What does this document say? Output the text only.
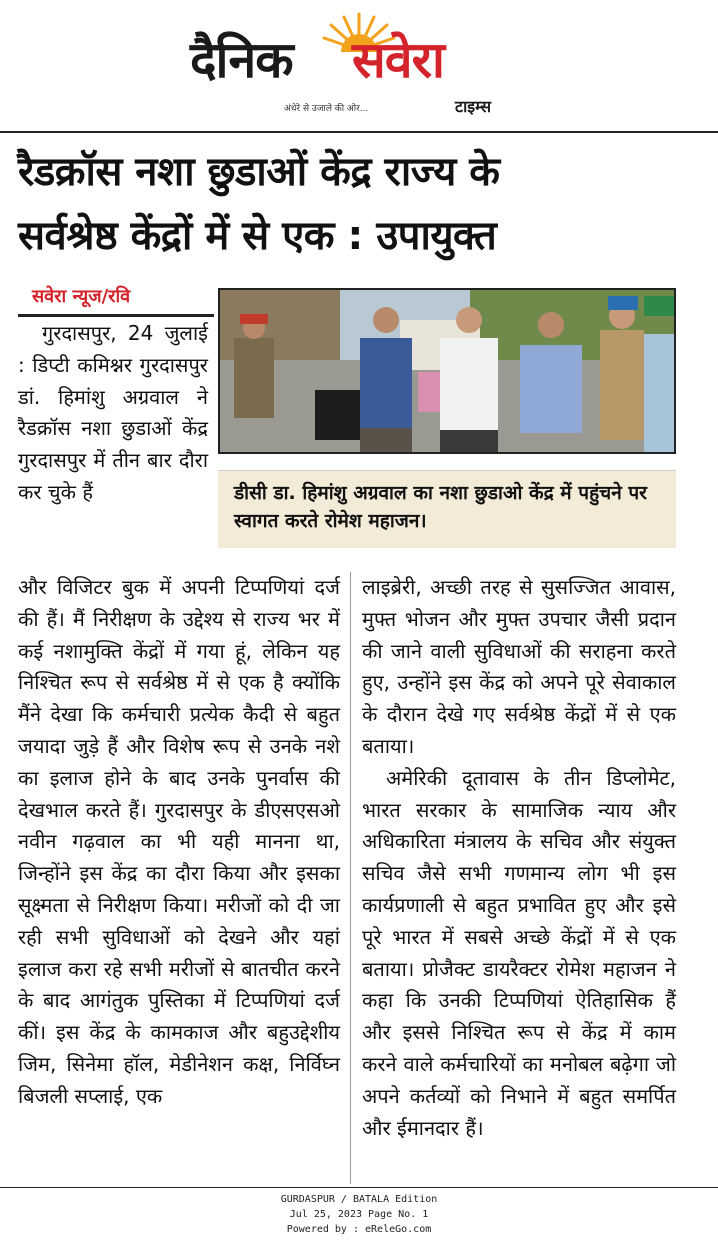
दैनिक सवेरा
अंधेरे से उजाले की ओर...	टाइम्स
रैडक्रॉस नशा छुडाओं केंद्र राज्य के
सर्वश्रेष्ठ केंद्रों में से एक : उपायुक्त
सवेरा न्यूज/रवि
डीसी डा. हिमांशु अग्रवाल का नशा छुडाओ केंद्र में पहुंचने पर स्वागत करते रोमेश महाजन।

गुरदासपुर, 24 जुलाई : डिप्टी कमिश्नर गुरदासपुर डां. हिमांशु अग्रवाल ने रैडक्रॉस नशा छुडाओं केंद्र गुरदासपुर में तीन बार दौरा कर चुके हैं

और विजिटर बुक में अपनी टिप्पणियां दर्ज की हैं। मैं निरीक्षण के उद्देश्य से राज्य भर में कई नशामुक्ति केंद्रों में गया हूं, लेकिन यह निश्चित रूप से सर्वश्रेष्ठ में से एक है क्योंकि मैंने देखा कि कर्मचारी प्रत्येक कैदी से बहुत जयादा जुड़े हैं और विशेष रूप से उनके नशे का इलाज होने के बाद उनके पुनर्वास की देखभाल करते हैं। गुरदासपुर के डीएसएसओ नवीन गढ़वाल का भी यही मानना था, जिन्होंने इस केंद्र का दौरा किया और इसका सूक्ष्मता से निरीक्षण किया। मरीजों को दी जा रही सभी सुविधाओं को देखने और यहां इलाज करा रहे सभी मरीजों से बातचीत करने के बाद आगंतुक पुस्तिका में टिप्पणियां दर्ज कीं। इस केंद्र के कामकाज और बहुउद्देशीय जिम, सिनेमा हॉल, मेडीनेशन कक्ष, निर्विघ्न बिजली सप्लाई, एक

लाइब्रेरी, अच्छी तरह से सुसज्जित आवास, मुफ्त भोजन और मुफ्त उपचार जैसी प्रदान की जाने वाली सुविधाओं की सराहना करते हुए, उन्होंने इस केंद्र को अपने पूरे सेवाकाल के दौरान देखे गए सर्वश्रेष्ठ केंद्रों में से एक बताया।

अमेरिकी दूतावास के तीन डिप्लोमेट, भारत सरकार के सामाजिक न्याय और अधिकारिता मंत्रालय के सचिव और संयुक्त सचिव जैसे सभी गणमान्य लोग भी इस कार्यप्रणाली से बहुत प्रभावित हुए और इसे पूरे भारत में सबसे अच्छे केंद्रों में से एक बताया। प्रोजैक्ट डायरैक्टर रोमेश महाजन ने कहा कि उनकी टिप्पणियां ऐतिहासिक हैं और इससे निश्चित रूप से केंद्र में काम करने वाले कर्मचारियों का मनोबल बढ़ेगा जो अपने कर्तव्यों को निभाने में बहुत समर्पित और ईमानदार हैं।

GURDASPUR / BATALA Edition
Jul 25, 2023 Page No. 1
Powered by : eReleGo.com
